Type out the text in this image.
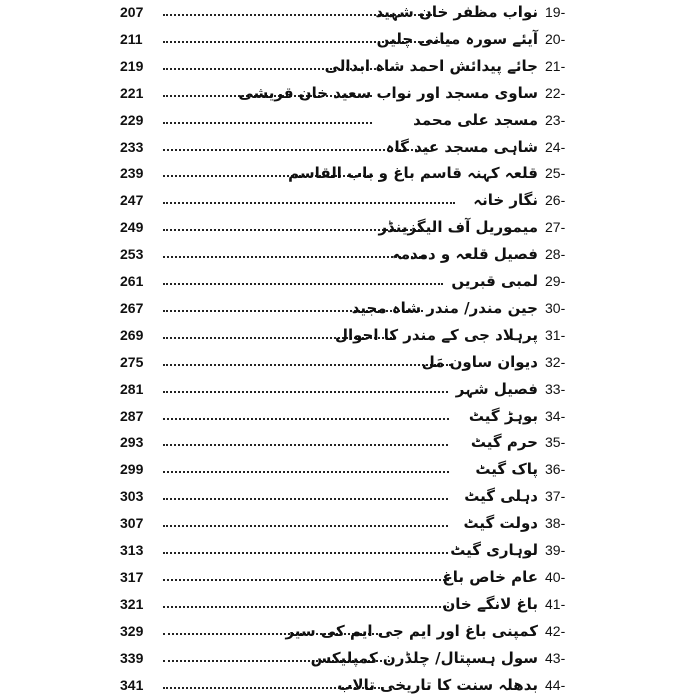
207	نواب مظفر خان شہید 19-
211	آیئے سورہ میانی چلیں 20-
219	جائے پیدائش احمد شاہ ابدالی 21-
221	ساوی مسجد اور نواب سعید خان قریشی 22-
229	مسجد علی محمد 23-
233	شاہی مسجد عید گاہ 24-
239	قلعہ کہنہ قاسم باغ و باب القاسم 25-
247	نگار خانہ 26-
249	میموریل آف الیگزینڈر 27-
253	فصیل قلعہ و دمدمہ 28-
261	لمبی قبریں 29-
267	جین مندر/ مندر شاہ مجید 30-
269	پرہلاد جی کے مندر کا احوال 31-
275	دیوان ساون مَل 32-
281	فصیل شہر 33-
287	بوہڑ گیٹ 34-
293	حرم گیٹ 35-
299	پاک گیٹ 36-
303	دہلی گیٹ 37-
307	دولت گیٹ 38-
313	لوہاری گیٹ 39-
317	عام خاص باغ 40-
321	باغ لانگے خان 41-
329	کمپنی باغ اور ایم جی ایم کی سیر 42-
339	سول ہسپتال/ چلڈرن کمپلیکس 43-
341	بدھلہ سنت کا تاریخی تالاب 44-
